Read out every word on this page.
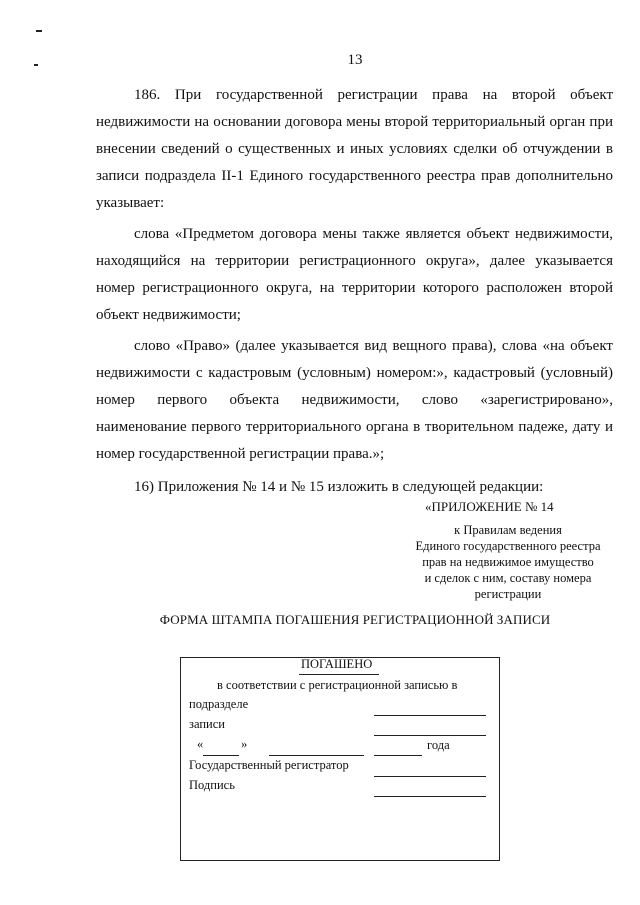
13

186. При государственной регистрации права на второй объект недвижимости на основании договора мены второй территориальный орган при внесении сведений о существенных и иных условиях сделки об отчуждении в записи подраздела II-1 Единого государственного реестра прав дополнительно указывает:

слова «Предметом договора мены также является объект недвижимости, находящийся на территории регистрационного округа», далее указывается номер регистрационного округа, на территории которого расположен второй объект недвижимости;

слово «Право» (далее указывается вид вещного права), слова «на объект недвижимости с кадастровым (условным) номером:», кадастровый (условный) номер первого объекта недвижимости, слово «зарегистрировано», наименование первого территориального органа в творительном падеже, дату и номер государственной регистрации права.»;

16) Приложения № 14 и № 15 изложить в следующей редакции:

«ПРИЛОЖЕНИЕ № 14
к Правилам ведения
Единого государственного реестра
прав на недвижимое имущество
и сделок с ним, составу номера
регистрации
ФОРМА ШТАМПА ПОГАШЕНИЯ РЕГИСТРАЦИОННОЙ ЗАПИСИ
ПОГАШЕНО
в соответствии с регистрационной записью в
подразделе
записи
«	»	года
Государственный регистратор
Подпись
